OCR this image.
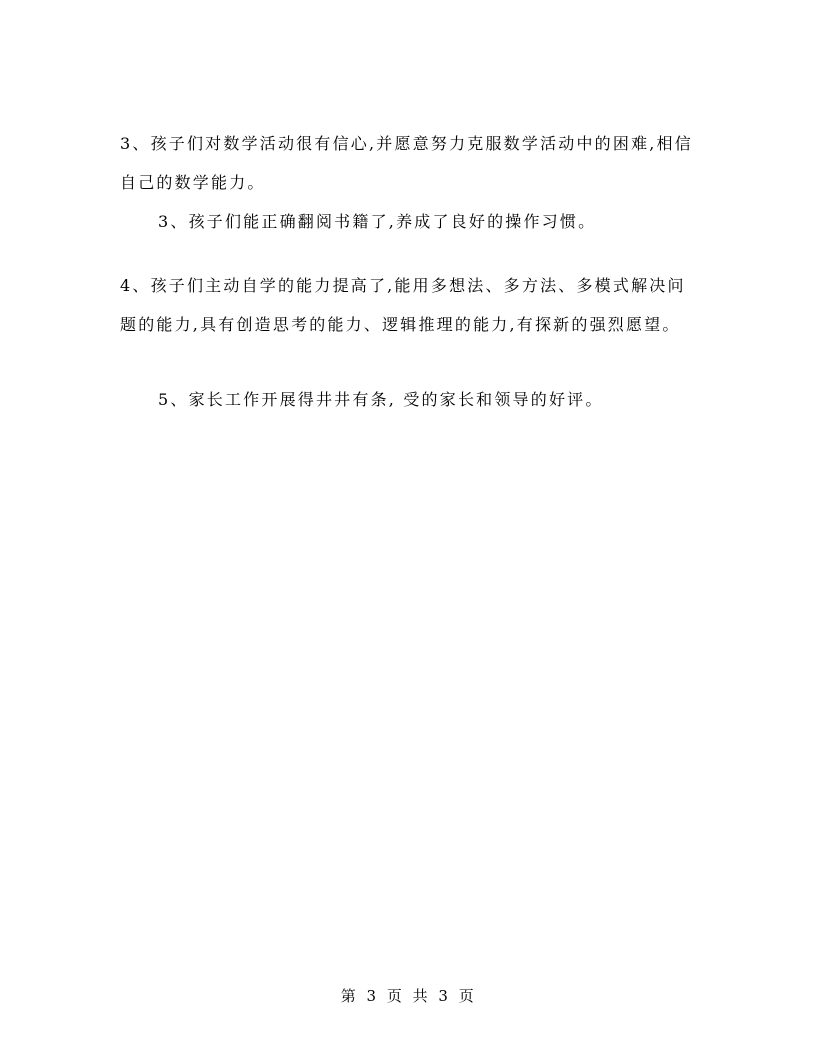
3、孩子们对数学活动很有信心,并愿意努力克服数学活动中的困难,相信自己的数学能力。

3、孩子们能正确翻阅书籍了,养成了良好的操作习惯。

4、孩子们主动自学的能力提高了,能用多想法、多方法、多模式解决问题的能力,具有创造思考的能力、逻辑推理的能力,有探新的强烈愿望。

5、家长工作开展得井井有条, 受的家长和领导的好评。

第 3 页 共 3 页
